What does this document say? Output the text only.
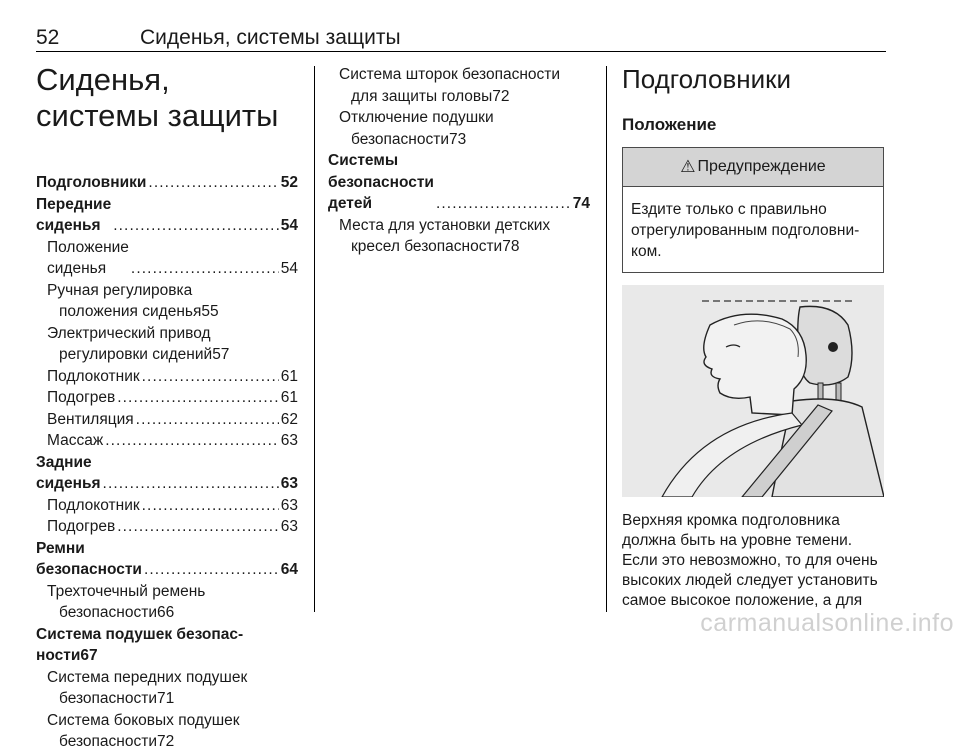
52	Сиденья, системы защиты
Сиденья, системы защиты
Подголовники . . .	52
Передние сиденья . . .	54
Положение сиденья . . .	54
Ручная регулировка
положения сиденья 55
Электрический привод
регулировки сидений 57
Подлокотник . . .	61
Подогрев . . .	61
Вентиляция . . .	62
Массаж . . .	63
Задние сиденья . . .	63
Подлокотник . . .	63
Подогрев . . .	63
Ремни безопасности . . .	64
Трехточечный ремень
безопасности 66
Система подушек безопас-
ности 67
Система передних подушек
безопасности 71
Система боковых подушек
безопасности 72
Система шторок безопасности
для защиты головы 72
Отключение подушки
безопасности 73
Системы безопасности детей . . .	74
Места для установки детских
кресел безопасности 78
Подголовники
Положение
⚠ Предупреждение
Ездите только с правильно отрегулированным подголовни-ком.
Верхняя кромка подголовника должна быть на уровне темени. Если это невозможно, то для очень высоких людей следует установить самое высокое положение, а для
carmanualsonline.info
